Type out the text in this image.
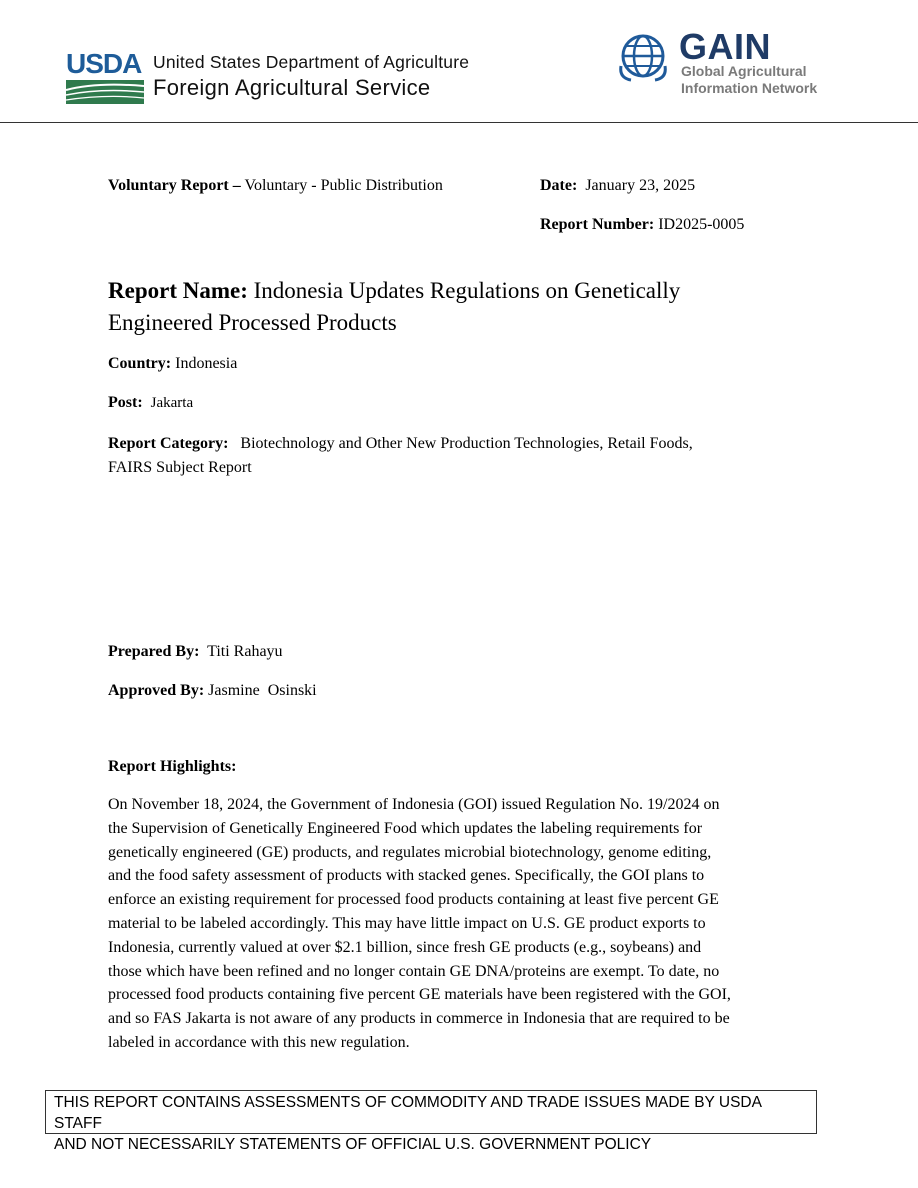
USDA United States Department of Agriculture
Foreign Agricultural Service
GAIN
Global Agricultural
Information Network
Voluntary Report – Voluntary - Public Distribution	Date: January 23, 2025
Report Number: ID2025-0005
Report Name: Indonesia Updates Regulations on Genetically
Engineered Processed Products
Country: Indonesia
Post: Jakarta
Report Category: Biotechnology and Other New Production Technologies, Retail Foods,
FAIRS Subject Report
Prepared By: Titi Rahayu
Approved By: Jasmine  Osinski
Report Highlights:
On November 18, 2024, the Government of Indonesia (GOI) issued Regulation No. 19/2024 on
the Supervision of Genetically Engineered Food which updates the labeling requirements for
genetically engineered (GE) products, and regulates microbial biotechnology, genome editing,
and the food safety assessment of products with stacked genes. Specifically, the GOI plans to
enforce an existing requirement for processed food products containing at least five percent GE
material to be labeled accordingly. This may have little impact on U.S. GE product exports to
Indonesia, currently valued at over $2.1 billion, since fresh GE products (e.g., soybeans) and
those which have been refined and no longer contain GE DNA/proteins are exempt. To date, no
processed food products containing five percent GE materials have been registered with the GOI,
and so FAS Jakarta is not aware of any products in commerce in Indonesia that are required to be
labeled in accordance with this new regulation.
THIS REPORT CONTAINS ASSESSMENTS OF COMMODITY AND TRADE ISSUES MADE BY USDA STAFF
AND NOT NECESSARILY STATEMENTS OF OFFICIAL U.S. GOVERNMENT POLICY
